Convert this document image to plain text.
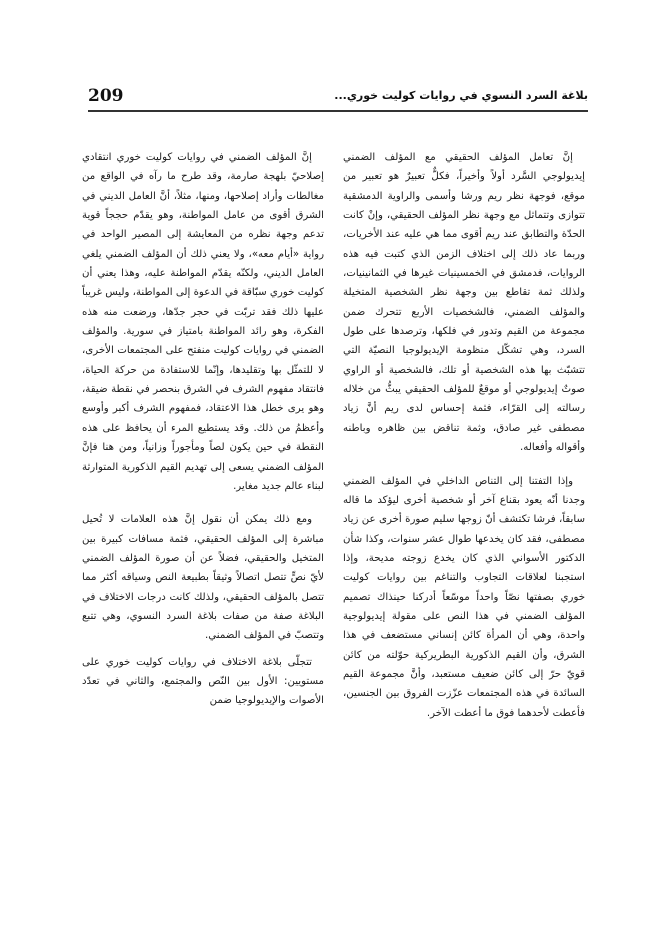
209	بلاغة السرد النسوي في روايات كوليت خوري...

إنَّ تعامل المؤلف الحقيقي مع المؤلف الضمني إيديولوجي السَّرد أولاً وأخيراً، فكلٌّ تعبيرٌ هو تعبير من موقع، فوجهة نظر ريم ورشا وأسمى والراوية الدمشقية تتوازى وتتماثل مع وجهة نظر المؤلف الحقيقي، وإنْ كانت الحدّة والتطابق عند ريم أقوى مما هي عليه عند الأخريات، وربما عاد ذلك إلى اختلاف الزمن الذي كتبت فيه هذه الروايات، فدمشق في الخمسينيات غيرها في الثمانينيات، ولذلك ثمة تقاطع بين وجهة نظر الشخصية المتخيلة والمؤلف الضمني، فالشخصيات الأربع تتحرك ضمن مجموعة من القيم وتدور في فلكها، وترصدها على طول السرد، وهي تشكّل منظومة الإيديولوجيا النصيّة التي تتشبّث بها هذه الشخصية أو تلك، فالشخصية أو الراوي صوتٌ إيديولوجي أو موقعٌ للمؤلف الحقيقي يبثُّ من خلاله رسالته إلى القرّاء، فثمة إحساس لدى ريم أنَّ زياد مصطفى غير صادق، وثمة تناقض بين ظاهره وباطنه وأقواله وأفعاله.

وإذا التفتنا إلى التناص الداخلي في المؤلف الضمني وجدنا أنّه يعود بقناع آخر أو شخصية أخرى ليؤكد ما قاله سابقاً، فرشا تكتشف أنّ زوجها سليم صورة أخرى عن زياد مصطفى، فقد كان يخدعها طوال عشر سنوات، وكذا شأن الدكتور الأسواني الذي كان يخدع زوجته مديحة، وإذا استجبنا لعلاقات التجاوب والتناغم بين روايات كوليت خوري بصفتها نصّاً واحداً موسّعاً أدركنا حينذاك تصميم المؤلف الضمني في هذا النص على مقولة إيديولوجية واحدة، وهي أن المرأة كائن إنساني مستضعف في هذا الشرق، وأن القيم الذكورية البطريركية حوّلته من كائن قويّ حرّ إلى كائن ضعيف مستعبد، وأنَّ مجموعة القيم السائدة في هذه المجتمعات عزّزت الفروق بين الجنسين، فأعطت لأحدهما فوق ما أعطت الآخر.

إنَّ المؤلف الضمني في روايات كوليت خوري انتقادي إصلاحيّ بلهجة صارمة، وقد طرح ما رآه في الواقع من مغالطات وأراد إصلاحها، ومنها، مثلاً، أنَّ العامل الديني في الشرق أقوى من عامل المواطنة، وهو يقدّم حججاً قوية تدعم وجهة نظره من المعايشة إلى المصير الواحد في رواية «أيام معه»، ولا يعني ذلك أن المؤلف الضمني يلغي العامل الديني، ولكنّه يقدّم المواطنة عليه، وهذا يعني أن كوليت خوري سبّاقة في الدعوة إلى المواطنة، وليس غريباً عليها ذلك فقد تربّت في حجر جدّها، ورضعت منه هذه الفكرة، وهو رائد المواطنة بامتياز في سورية. والمؤلف الضمني في روايات كوليت منفتح على المجتمعات الأخرى، لا للتمثّل بها وتقليدها، وإنّما للاستفادة من حركة الحياة، فانتقاد مفهوم الشرف في الشرق بنحصر في نقطة ضيقة، وهو يرى خطل هذا الاعتقاد، فمفهوم الشرف أكبر وأوسع وأعظمُ من ذلك. وقد يستطيع المرء أن يحافظ على هذه النقطة في حين يكون لصاً ومأجوراً وزانياً، ومن هنا فإنَّ المؤلف الضمني يسعى إلى تهديم القيم الذكورية المتوارثة لبناء عالم جديد مغاير.

ومع ذلك يمكن أن نقول إنَّ هذه العلامات لا تُحيل مباشرة إلى المؤلف الحقيقي، فثمة مسافات كبيرة بين المتخيل والحقيقي، فضلاً عن أن صورة المؤلف الضمني لأيّ نصٍّ تتصل اتصالاً وثيقاً بطبيعة النص وسياقه أكثر مما تتصل بالمؤلف الحقيقي، ولذلك كانت درجات الاختلاف في البلاغة صفة من صفات بلاغة السرد النسوي، وهي تتبع وتتصبّ في المؤلف الضمني.

تتجلّى بلاغة الاختلاف في روايات كوليت خوري على مستويين: الأول بين النّص والمجتمع، والثاني في تعدّد الأصوات والإيديولوجيا ضمن
